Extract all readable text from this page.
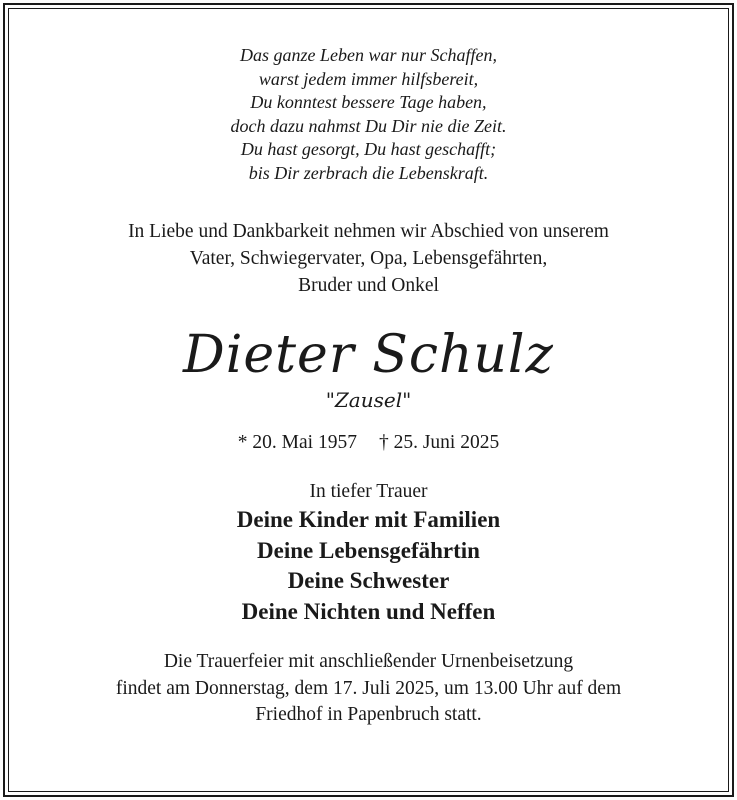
Das ganze Leben war nur Schaffen,
warst jedem immer hilfsbereit,
Du konntest bessere Tage haben,
doch dazu nahmst Du Dir nie die Zeit.
Du hast gesorgt, Du hast geschafft;
bis Dir zerbrach die Lebenskraft.
In Liebe und Dankbarkeit nehmen wir Abschied von unserem
Vater, Schwiegervater, Opa, Lebensgefährten,
Bruder und Onkel
Dieter Schulz
"Zausel"
* 20. Mai 1957 † 25. Juni 2025
In tiefer Trauer
Deine Kinder mit Familien
Deine Lebensgefährtin
Deine Schwester
Deine Nichten und Neffen
Die Trauerfeier mit anschließender Urnenbeisetzung
findet am Donnerstag, dem 17. Juli 2025, um 13.00 Uhr auf dem
Friedhof in Papenbruch statt.
